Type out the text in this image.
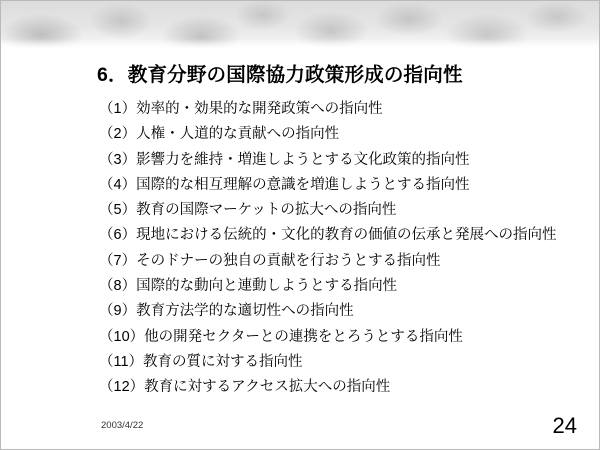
6．教育分野の国際協力政策形成の指向性
（1）効率的・効果的な開発政策への指向性
（2）人権・人道的な貢献への指向性
（3）影響力を維持・増進しようとする文化政策的指向性
（4）国際的な相互理解の意識を増進しようとする指向性
（5）教育の国際マーケットの拡大への指向性
（6）現地における伝統的・文化的教育の価値の伝承と発展への指向性
（7）そのドナーの独自の貢献を行おうとする指向性
（8）国際的な動向と連動しようとする指向性
（9）教育方法学的な適切性への指向性
（10）他の開発セクターとの連携をとろうとする指向性
（11）教育の質に対する指向性
（12）教育に対するアクセス拡大への指向性
2003/4/22	24
